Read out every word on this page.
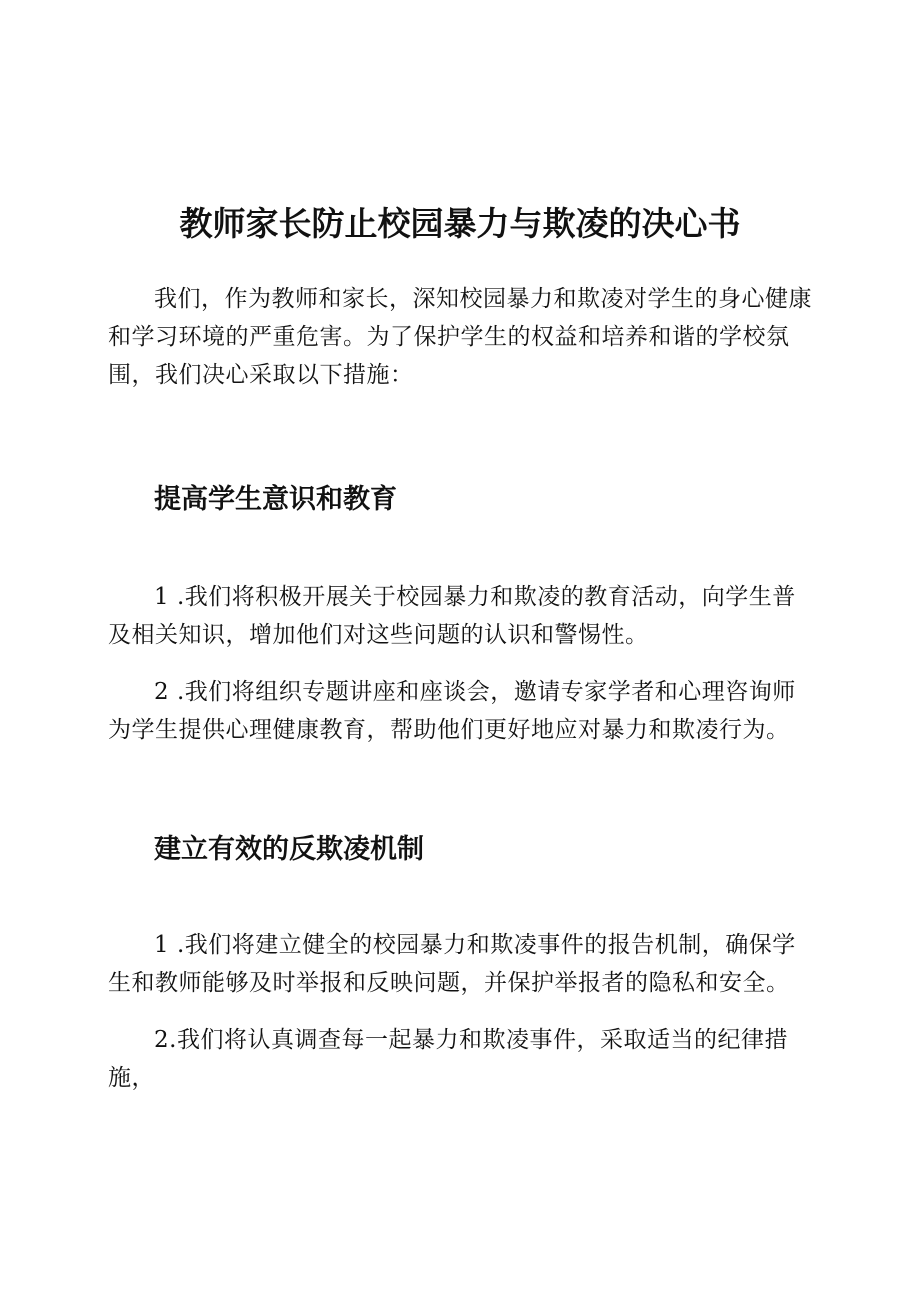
教师家长防止校园暴力与欺凌的决心书

我们，作为教师和家长，深知校园暴力和欺凌对学生的身心健康和学习环境的严重危害。为了保护学生的权益和培养和谐的学校氛围，我们决心采取以下措施：

提高学生意识和教育

1 .我们将积极开展关于校园暴力和欺凌的教育活动，向学生普及相关知识，增加他们对这些问题的认识和警惕性。

2 .我们将组织专题讲座和座谈会，邀请专家学者和心理咨询师为学生提供心理健康教育，帮助他们更好地应对暴力和欺凌行为。

建立有效的反欺凌机制

1 .我们将建立健全的校园暴力和欺凌事件的报告机制，确保学生和教师能够及时举报和反映问题，并保护举报者的隐私和安全。

2.我们将认真调查每一起暴力和欺凌事件，采取适当的纪律措施，
